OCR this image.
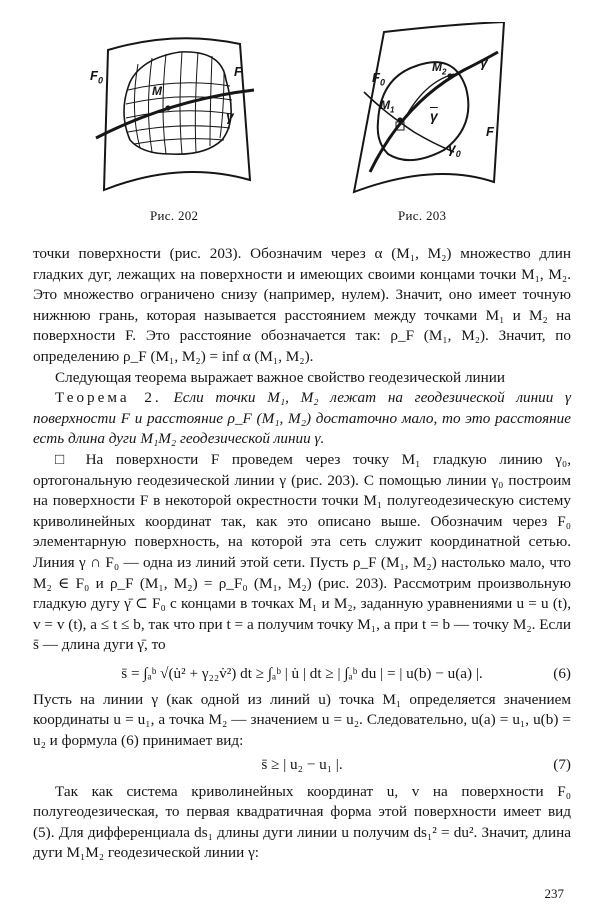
$F_0$
F
M
γ
$F_0$
$M_2$
γ
$M_1$	$\overline{\gamma}$
F
$\gamma_0$
Рис. 202	Рис. 203

точки поверхности (рис. 203). Обозначим через α (M₁, M₂) множество длин гладких дуг, лежащих на поверхности и имеющих своими концами точки M₁, M₂. Это множество ограничено снизу (например, нулем). Значит, оно имеет точную нижнюю грань, которая называется расстоянием между точками M₁ и M₂ на поверхности F. Это расстояние обозначается так: ρ_F (M₁, M₂). Значит, по определению ρ_F (M₁, M₂) = inf α (M₁, M₂).

Следующая теорема выражает важное свойство геодезической линии

Теорема 2. Если точки M₁, M₂ лежат на геодезической линии γ поверхности F и расстояние ρ_F (M₁, M₂) достаточно мало, то это расстояние есть длина дуги M₁M₂ геодезической линии γ.

□ На поверхности F проведем через точку M₁ гладкую линию γ₀, ортогональную геодезической линии γ (рис. 203). С помощью линии γ₀ построим на поверхности F в некоторой окрестности точки M₁ полугеодезическую систему криволинейных координат так, как это описано выше. Обозначим через F₀ элементарную поверхность, на которой эта сеть служит координатной сетью. Линия γ ∩ F₀ — одна из линий этой сети. Пусть ρ_F (M₁, M₂) настолько мало, что M₂ ∈ F₀ и ρ_F (M₁, M₂) = ρ_F₀ (M₁, M₂) (рис. 203). Рассмотрим произвольную гладкую дугу γ̄ ⊂ F₀ с концами в точках M₁ и M₂, заданную уравнениями u = u (t), v = v (t), a ≤ t ≤ b, так что при t = a получим точку M₁, а при t = b — точку M₂. Если s̄ — длина дуги γ̄, то

s̄ = ∫ₐᵇ √(u̇² + γ₂₂v̇²) dt ≥ ∫ₐᵇ | u̇ | dt ≥ | ∫ₐᵇ du | = | u(b) − u(a) |.	(6)

Пусть на линии γ (как одной из линий u) точка M₁ определяется значением координаты u = u₁, а точка M₂ — значением u = u₂. Следовательно, u(a) = u₁, u(b) = u₂ и формула (6) принимает вид:

s̄ ≥ | u₂ − u₁ |.	(7)

Так как система криволинейных координат u, v на поверхности F₀ полугеодезическая, то первая квадратичная форма этой поверхности имеет вид (5). Для дифференциала ds₁ длины дуги линии u получим ds₁² = du². Значит, длина дуги M₁M₂ геодезической линии γ:

237
